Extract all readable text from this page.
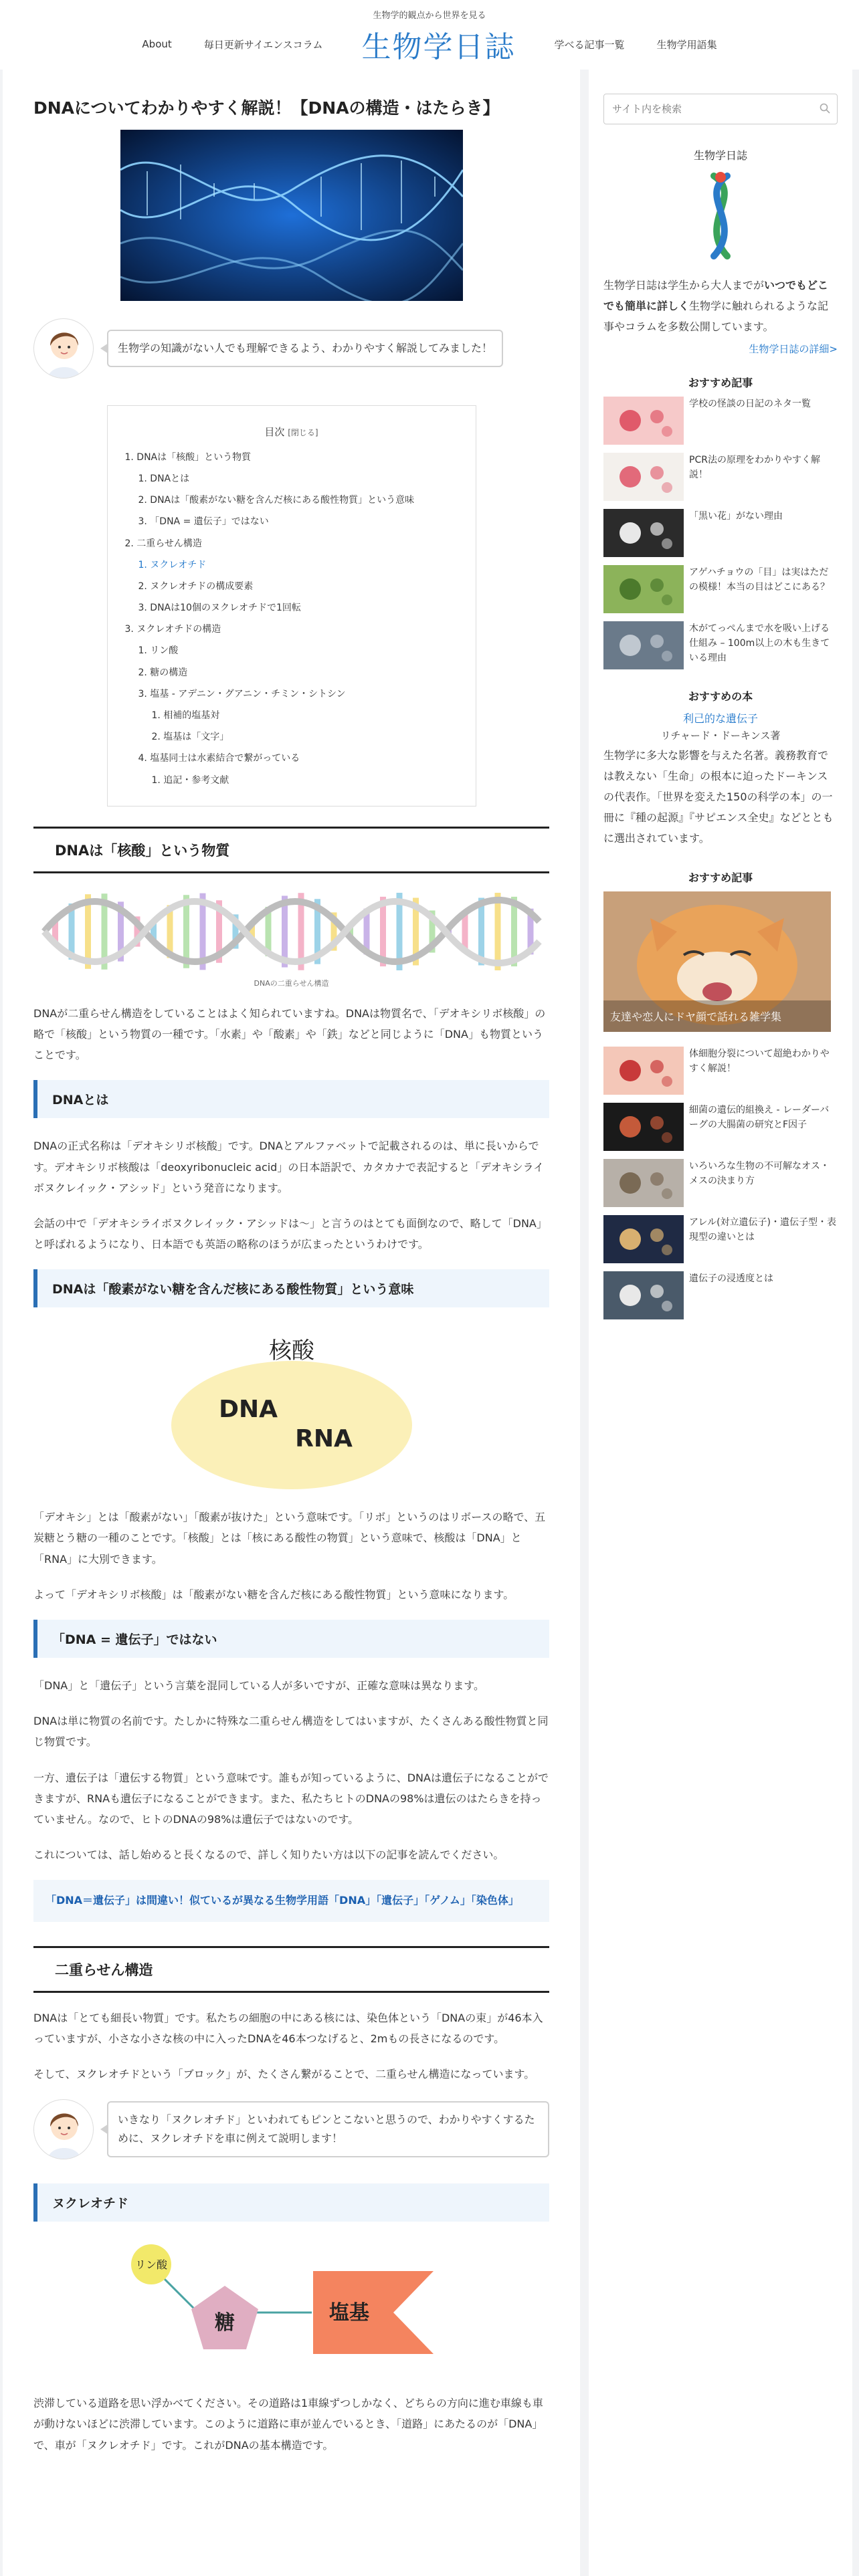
生物学的観点から世界を見る
About	毎日更新サイエンスコラム 生物学日誌	学べる記事一覧	生物学用語集
DNAについてわかりやすく解説！【DNAの構造・はたらき】
生物学の知識がない人でも理解できるよう、わかりやすく解説してみました！
目次 [閉じる]
1. DNAは「核酸」という物質
1. DNAとは
2. DNAは「酸素がない糖を含んだ核にある酸性物質」という意味
3. 「DNA = 遺伝子」ではない
2. 二重らせん構造
1. ヌクレオチド
2. ヌクレオチドの構成要素
3. DNAは10個のヌクレオチドで1回転
3. ヌクレオチドの構造
1. リン酸
2. 糖の構造
3. 塩基 - アデニン・グアニン・チミン・シトシン
1. 相補的塩基対
2. 塩基は「文字」
4. 塩基同士は水素結合で繋がっている
1. 追記・参考文献
DNAは「核酸」という物質
DNAの二重らせん構造

DNAが二重らせん構造をしていることはよく知られていますね。DNAは物質名で、「デオキシリボ核酸」の略で「核酸」という物質の一種です。「水素」や「酸素」や「鉄」などと同じように「DNA」も物質ということです。

DNAとは

DNAの正式名称は「デオキシリボ核酸」です。DNAとアルファベットで記載されるのは、単に長いからです。デオキシリボ核酸は「deoxyribonucleic acid」の日本語訳で、カタカナで表記すると「デオキシライボヌクレイック・アシッド」という発音になります。

会話の中で「デオキシライボヌクレイック・アシッドは〜」と言うのはとても面倒なので、略して「DNA」と呼ばれるようになり、日本語でも英語の略称のほうが広まったというわけです。

DNAは「酸素がない糖を含んだ核にある酸性物質」という意味
核酸
DNA
RNA

「デオキシ」とは「酸素がない」「酸素が抜けた」という意味です。「リボ」というのはリボースの略で、五炭糖とう糖の一種のことです。「核酸」とは「核にある酸性の物質」という意味で、核酸は「DNA」と「RNA」に大別できます。

よって「デオキシリボ核酸」は「酸素がない糖を含んだ核にある酸性物質」という意味になります。

「DNA = 遺伝子」ではない

「DNA」と「遺伝子」という言葉を混同している人が多いですが、正確な意味は異なります。

DNAは単に物質の名前です。たしかに特殊な二重らせん構造をしてはいますが、たくさんある酸性物質と同じ物質です。

一方、遺伝子は「遺伝する物質」という意味です。誰もが知っているように、DNAは遺伝子になることができますが、RNAも遺伝子になることができます。また、私たちヒトのDNAの98%は遺伝のはたらきを持っていません。なので、ヒトのDNAの98%は遺伝子ではないのです。

これについては、話し始めると長くなるので、詳しく知りたい方は以下の記事を読んでください。

「DNA＝遺伝子」は間違い！似ているが異なる生物学用語「DNA」「遺伝子」「ゲノム」「染色体」
二重らせん構造

DNAは「とても細長い物質」です。私たちの細胞の中にある核には、染色体という「DNAの束」が46本入っていますが、小さな小さな核の中に入ったDNAを46本つなげると、2mもの長さになるのです。

そして、ヌクレオチドという「ブロック」が、たくさん繋がることで、二重らせん構造になっています。

いきなり「ヌクレオチド」といわれてもピンとこないと思うので、わかりやすくするために、ヌクレオチドを車に例えて説明します！
ヌクレオチド
リン酸
糖	塩基

渋滞している道路を思い浮かべてください。その道路は1車線ずつしかなく、どちらの方向に進む車線も車が動けないほどに渋滞しています。このように道路に車が並んでいるとき、「道路」にあたるのが「DNA」で、車が「ヌクレオチド」です。これがDNAの基本構造です。

サイト内を検索
生物学日誌
生物学日誌は学生から大人までがいつでもどこでも簡単に詳しく生物学に触れられるような記事やコラムを多数公開しています。
生物学日誌の詳細>
おすすめ記事
学校の怪談の日記のネタ一覧
PCR法の原理をわかりやすく解説！
「黒い花」がない理由
アゲハチョウの「目」は実はただの模様！本当の目はどこにある？
木がてっぺんまで水を吸い上げる仕組み – 100m以上の木も生きている理由
おすすめの本
利己的な遺伝子
リチャード・ドーキンス著
生物学に多大な影響を与えた名著。義務教育では教えない「生命」の根本に迫ったドーキンスの代表作。「世界を変えた150の科学の本」の一冊に『種の起源』『サピエンス全史』などとともに選出されています。
おすすめ記事
友達や恋人にドヤ顔で話れる雑学集
体細胞分裂について超絶わかりやすく解説！
細菌の遺伝的組換え - レーダーバーグの大腸菌の研究とF因子
いろいろな生物の不可解なオス・メスの決まり方
アレル(対立遺伝子)・遺伝子型・表現型の違いとは
遺伝子の浸透度とは
